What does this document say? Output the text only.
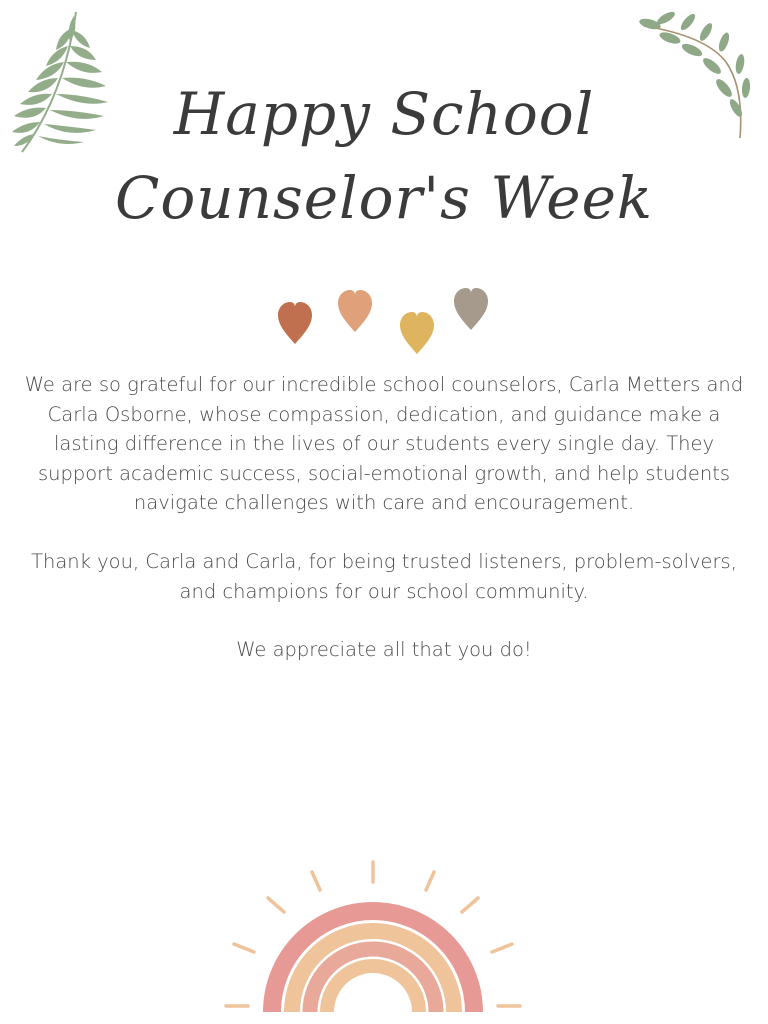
Happy School
Counselor's Week

We are so grateful for our incredible school counselors, Carla Metters and Carla Osborne, whose compassion, dedication, and guidance make a lasting difference in the lives of our students every single day. They support academic success, social-emotional growth, and help students navigate challenges with care and encouragement.

Thank you, Carla and Carla, for being trusted listeners, problem-solvers, and champions for our school community.

We appreciate all that you do!
